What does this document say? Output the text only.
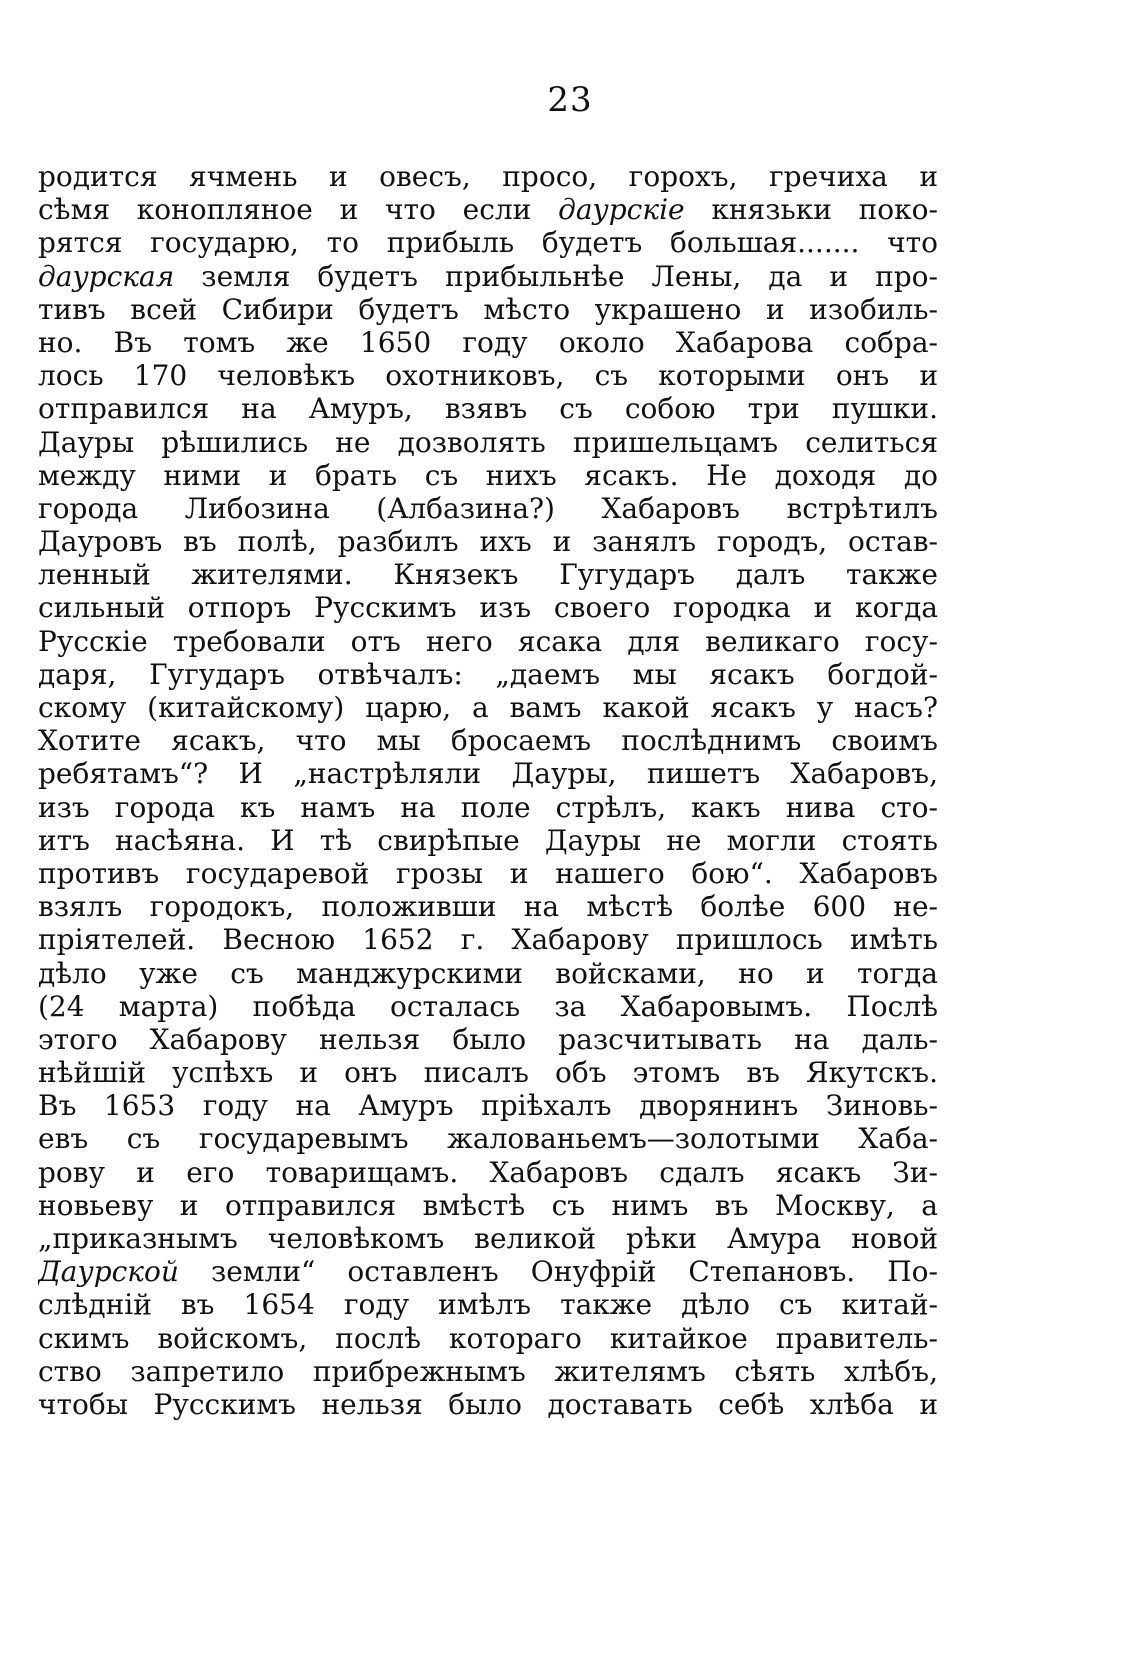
23
родится ячмень и овесъ, просо, горохъ, гречиха и
сѣмя конопляное и что если даурскіе князьки поко-
рятся государю, то прибыль будетъ большая....... что
даурская земля будетъ прибыльнѣе Лены, да и про-
тивъ всей Сибири будетъ мѣсто украшено и изобиль-
но. Въ томъ же 1650 году около Хабарова собра-
лось 170 человѣкъ охотниковъ, съ которыми онъ и
отправился на Амуръ, взявъ съ собою три пушки.
Дауры рѣшились не дозволять пришельцамъ селиться
между ними и брать съ нихъ ясакъ. Не доходя до
города Либозина (Албазина?) Хабаровъ встрѣтилъ
Дауровъ въ полѣ, разбилъ ихъ и занялъ городъ, остав-
ленный жителями. Князекъ Гугударъ далъ также
сильный отпоръ Русскимъ изъ своего городка и когда
Русскіе требовали отъ него ясака для великаго госу-
даря, Гугударъ отвѣчалъ: „даемъ мы ясакъ богдой-
скому (китайскому) царю, а вамъ какой ясакъ у насъ?
Хотите ясакъ, что мы бросаемъ послѣднимъ своимъ
ребятамъ“? И „настрѣляли Дауры, пишетъ Хабаровъ,
изъ города къ намъ на поле стрѣлъ, какъ нива сто-
итъ насѣяна. И тѣ свирѣпые Дауры не могли стоять
противъ государевой грозы и нашего бою“. Хабаровъ
взялъ городокъ, положивши на мѣстѣ болѣе 600 не-
пріятелей. Весною 1652 г. Хабарову пришлось имѣть
дѣло уже съ манджурскими войсками, но и тогда
(24 марта) побѣда осталась за Хабаровымъ. Послѣ
этого Хабарову нельзя было разсчитывать на даль-
нѣйшій успѣхъ и онъ писалъ объ этомъ въ Якутскъ.
Въ 1653 году на Амуръ пріѣхалъ дворянинъ Зиновь-
евъ съ государевымъ жалованьемъ—золотыми Хаба-
рову и его товарищамъ. Хабаровъ сдалъ ясакъ Зи-
новьеву и отправился вмѣстѣ съ нимъ въ Москву, а
„приказнымъ человѣкомъ великой рѣки Амура новой
Даурской земли“ оставленъ Онуфрій Степановъ. По-
слѣдній въ 1654 году имѣлъ также дѣло съ китай-
скимъ войскомъ, послѣ котораго китайкое правитель-
ство запретило прибрежнымъ жителямъ сѣять хлѣбъ,
чтобы Русскимъ нельзя было доставать себѣ хлѣба и
